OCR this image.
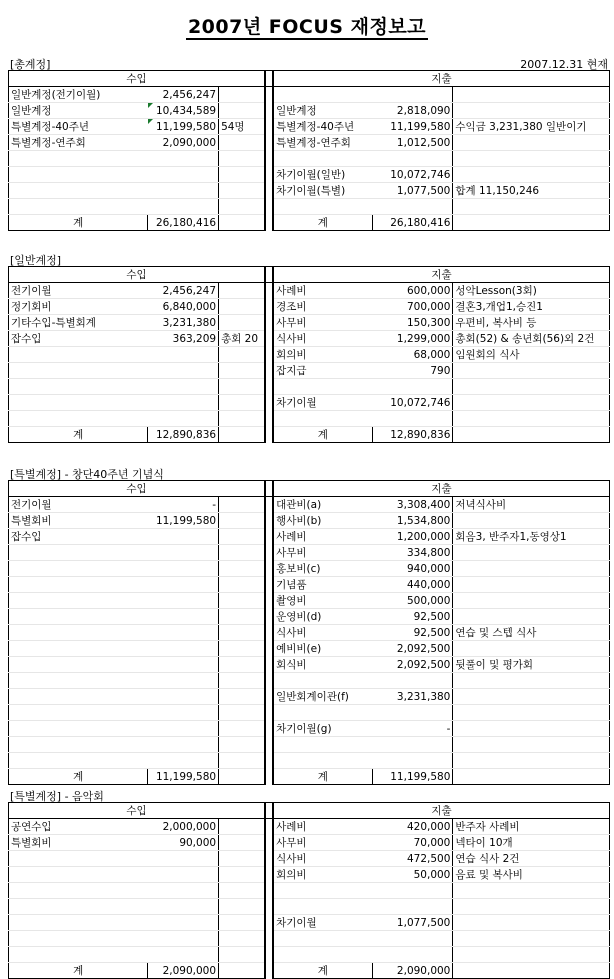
2007년 FOCUS 재정보고
[총계정]	2007.12.31 현재
수입				지출		
일반계정(전기이월)	2,456,247					
일반계정	10,434,589			일반계정	2,818,090	
특별계정-40주년	11,199,580	54명		특별계정-40주년	11,199,580	수익금 3,231,380 일반이기
특별계정-연주회	2,090,000			특별계정-연주회	1,012,500	

				차기이월(일반)	10,072,746	
				차기이월(특별)	1,077,500	합계 11,150,246

계	26,180,416			계	26,180,416	
[일반계정]
수입				지출		
전기이월	2,456,247			사례비	600,000	성악Lesson(3회)
정기회비	6,840,000			경조비	700,000	결혼3,개업1,승진1
기타수입-특별회계	3,231,380			사무비	150,300	우편비, 복사비 등
잡수입	363,209	총회 20		식사비	1,299,000	총회(52) & 송년회(56)외 2건
				회의비	68,000	임원회의 식사
				잡지급	790	

				차기이월	10,072,746	

계	12,890,836			계	12,890,836	
[특별계정] - 창단40주년 기념식
수입				지출		
전기이월	-			대관비(a)	3,308,400	저녁식사비
특별회비	11,199,580			행사비(b)	1,534,800	
잡수입				사례비	1,200,000	회음3, 반주자1,동영상1
				사무비	334,800	
				홍보비(c)	940,000	
				기념품	440,000	
				촬영비	500,000	
				운영비(d)	92,500	
				식사비	92,500	연습 및 스텝 식사
				예비비(e)	2,092,500	
				회식비	2,092,500	뒷풀이 및 평가회

				일반회계이관(f)	3,231,380	

				차기이월(g)	-	

계	11,199,580			계	11,199,580	
[특별계정] - 음악회
수입				지출		
공연수입	2,000,000			사례비	420,000	반주자 사례비
특별회비	90,000			사무비	70,000	넥타이 10개
				식사비	472,500	연습 식사 2건
				회의비	50,000	음료 및 복사비

				차기이월	1,077,500	

계	2,090,000			계	2,090,000	
